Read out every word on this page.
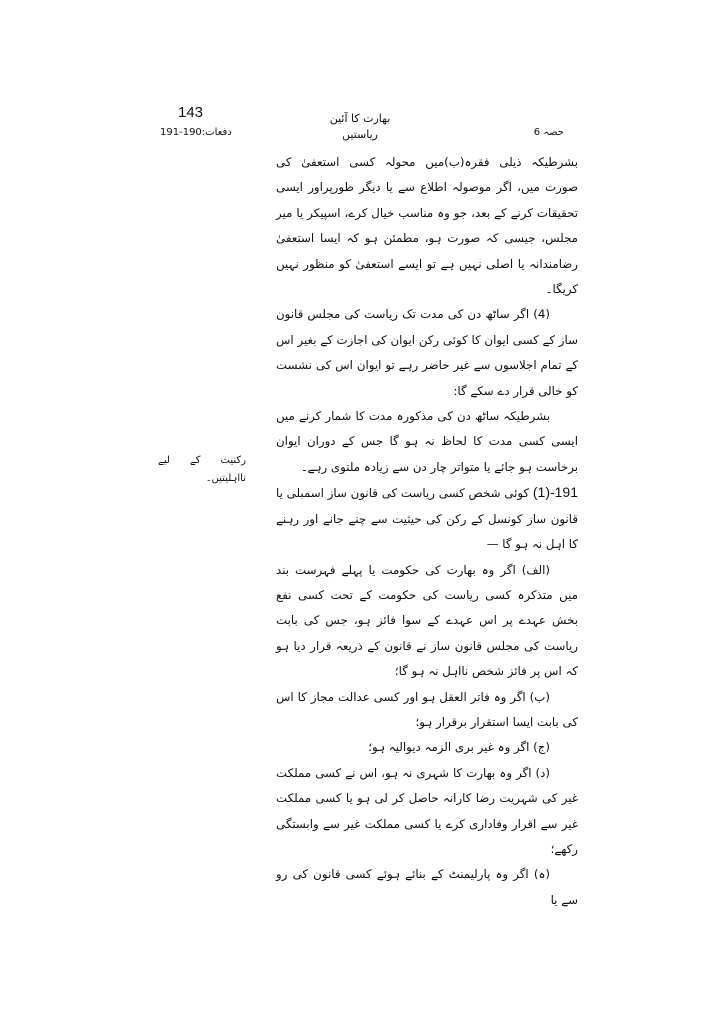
143	بھارت کا آئین
ریاستیں
دفعات:190-191	حصہ 6
رکنیت کے لیے نااہلیتیں۔

بشرطیکہ ذیلی فقرہ(ب)میں محولہ کسی استعفیٰ کی صورت میں، اگر موصولہ اطلاع سے یا دیگر طورپراور ایسی تحقیقات کرنے کے بعد، جو وہ مناسب خیال کرے، اسپیکر یا میر مجلس، جیسی کہ صورت ہو، مطمئن ہو کہ ایسا استعفیٰ رضامندانہ یا اصلی نہیں ہے تو ایسے استعفیٰ کو منظور نہیں کریگا۔

(4) اگر ساٹھ دن کی مدت تک ریاست کی مجلس قانون ساز کے کسی ایوان کا کوئی رکن ایوان کی اجازت کے بغیر اس کے تمام اجلاسوں سے غیر حاضر رہے تو ایوان اس کی نشست کو خالی قرار دے سکے گا:

بشرطیکہ ساٹھ دن کی مذکورہ مدت کا شمار کرنے میں ایسی کسی مدت کا لحاظ نہ ہو گا جس کے دوران ایوان برخاست ہو جائے یا متواتر چار دن سے زیادہ ملتوی رہے۔

191-(1) کوئی شخص کسی ریاست کی قانون ساز اسمبلی یا قانون ساز کونسل کے رکن کی حیثیت سے چنے جانے اور رہنے کا اہل نہ ہو گا —

(الف) اگر وہ بھارت کی حکومت یا پہلے فہرست بند میں متذکرہ کسی ریاست کی حکومت کے تحت کسی نفع بخش عہدے پر اس عہدے کے سوا فائز ہو، جس کی بابت ریاست کی مجلس قانون ساز نے قانون کے ذریعہ قرار دیا ہو کہ اس پر فائز شخص نااہل نہ ہو گا؛

(ب) اگر وہ فاتر العقل ہو اور کسی عدالت مجاز کا اس کی بابت ایسا استقرار برقرار ہو؛

(ج) اگر وہ غیر بری الزمہ دیوالیہ ہو؛

(د) اگر وہ بھارت کا شہری نہ ہو، اس نے کسی مملکت غیر کی شہریت رضا کارانہ حاصل کر لی ہو یا کسی مملکت غیر سے اقرار وفاداری کرے یا کسی مملکت غیر سے وابستگی رکھے؛

(ہ) اگر وہ پارلیمنٹ کے بنائے ہوئے کسی قانون کی رو سے یا
